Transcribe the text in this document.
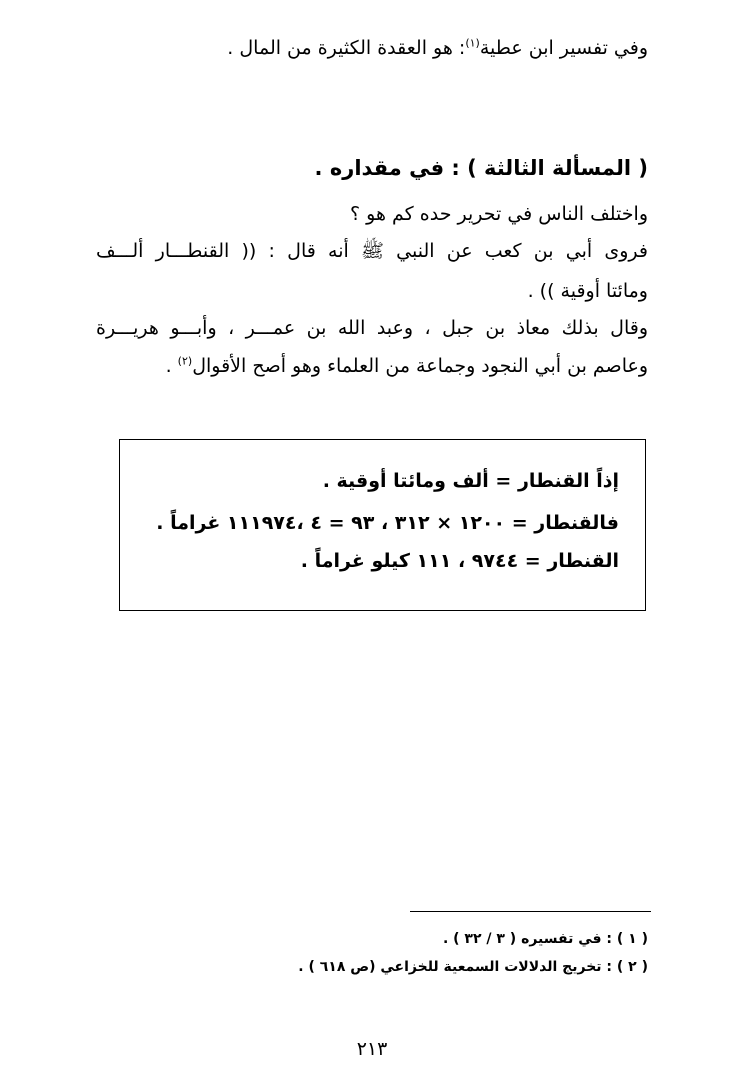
وفي تفسير ابن عطية$^{(١)}$: هو العقدة الكثيرة من المال .
( المسألة الثالثة ) : في مقداره .
واختلف الناس في تحرير حده كم هو ؟
فروى أبي بن كعب عن النبي ﷺ أنه قال : (( القنطـــار ألـــف
ومائتا أوقية )) .
وقال بذلك معاذ بن جبل ، وعبد الله بن عمـــر ، وأبـــو هريـــرة
وعاصم بن أبي النجود وجماعة من العلماء وهو أصح الأقوال$^{(٢)}$ .
إذاً القنطار = ألف ومائتا أوقية .
فالقنطار = ١٢٠٠ × ٣١٢ ، ٩٣ = ٤ ،١١١٩٧٤ غراماً .
القنطار = ٩٧٤٤ ، ١١١ كيلو غراماً .
( ١ ) : في تفسيره ( ٣ / ٣٢ ) .
( ٢ ) : تخريج الدلالات السمعية للخزاعي (ص ٦١٨ ) .
٢١٣
